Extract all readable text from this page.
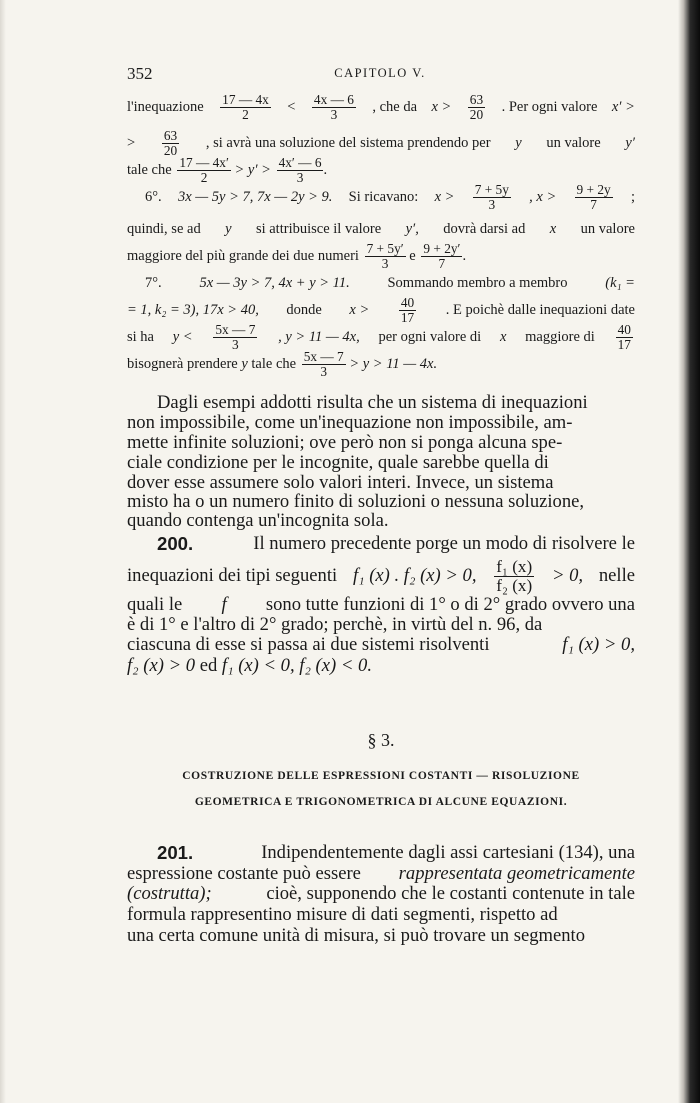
352	CAPITOLO V.
l'inequazione $\frac{17 — 4x}{2} < \frac{4x — 6}{3}$ , che da $x > \frac{63}{20}$ . Per ogni valore x′ >
> $\frac{63}{20}$ , si avrà una soluzione del sistema prendendo per y un valore y′
tale che $\frac{17 — 4x'}{2} > y' > \frac{4x' — 6}{3}$ .
6°. 3x — 5y > 7, 7x — 2y > 9. Si ricavano: $x > \frac{7 + 5y}{3}$ , $x > \frac{9 + 2y}{7}$ ;
quindi, se ad y si attribuisce il valore y′, dovrà darsi ad x un valore
maggiore del più grande dei due numeri $\frac{7 + 5y'}{3}$ e $\frac{9 + 2y'}{7}$ .
7°.	5x — 3y > 7, 4x + y > 11.	Sommando membro a membro	(k₁ =
= 1, k₂ = 3), 17x > 40, donde $x > \frac{40}{17}$ . E poichè dalle inequazioni date
si ha $y < \frac{5x — 7}{3}$ , y > 11 — 4x, per ogni valore di x maggiore di $\frac{40}{17}$
bisognerà prendere y tale che $\frac{5x — 7}{3} > y > 11$ — 4x.
Dagli esempi addotti risulta che un sistema di inequazioni
non impossibile, come un'inequazione non impossibile, am-
mette infinite soluzioni; ove però non si ponga alcuna spe-
ciale condizione per le incognite, quale sarebbe quella di
dover esse assumere solo valori interi. Invece, un sistema
misto ha o un numero finito di soluzioni o nessuna soluzione,
quando contenga un'incognita sola.
200.	Il numero precedente porge un modo di risolvere le
inequazioni dei tipi seguenti f₁ (x) . f₂ (x) > 0, $\frac{\text{f₁ (x)}}{\text{f₂ (x)}} > 0$, nelle
quali le f sono tutte funzioni di 1° o di 2° grado ovvero una
è di 1° e l'altro di 2° grado; perchè, in virtù del n. 96, da
ciascuna di esse si passa ai due sistemi risolventi	f₁ (x) > 0,
f₂ (x) > 0 ed f₁ (x) < 0, f₂ (x) < 0.
§ 3.
COSTRUZIONE DELLE ESPRESSIONI COSTANTI — RISOLUZIONE
GEOMETRICA E TRIGONOMETRICA DI ALCUNE EQUAZIONI.
201.	Indipendentemente dagli assi cartesiani (134), una
espressione costante può essere rappresentata geometricamente
(costrutta);	cioè, supponendo che le costanti contenute in tale
formula rappresentino misure di dati segmenti, rispetto ad
una certa comune unità di misura, si può trovare un segmento
